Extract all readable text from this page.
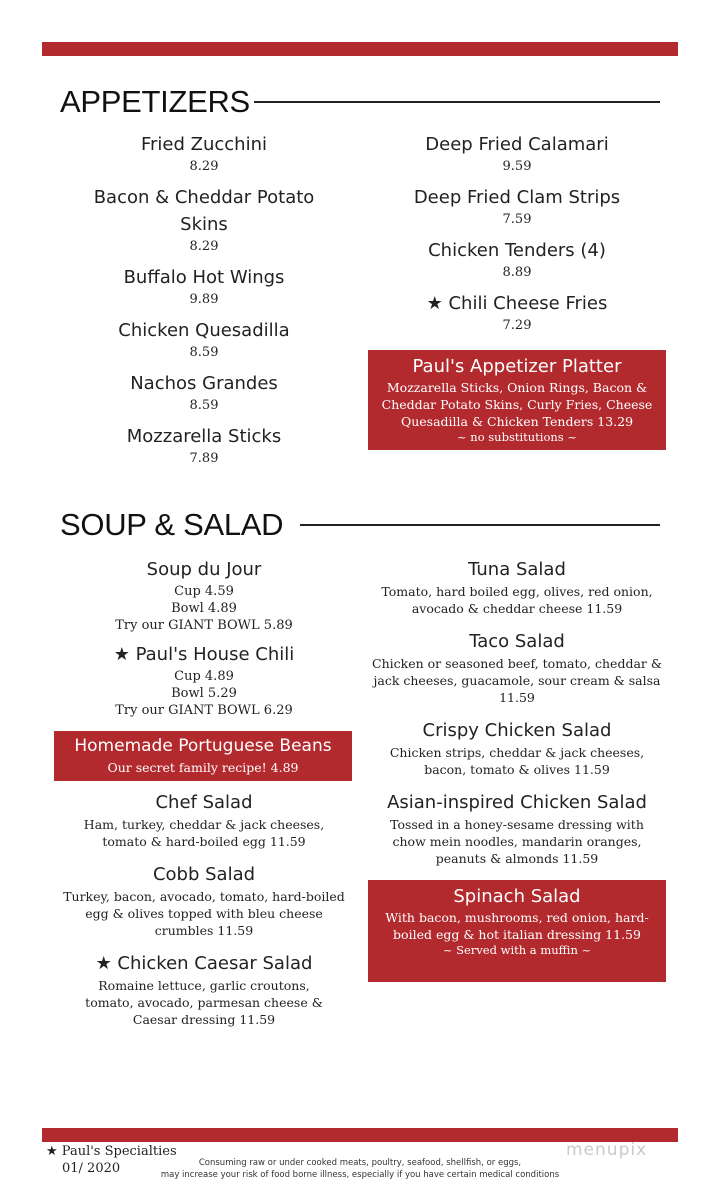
APPETIZERS
Fried Zucchini
8.29
Bacon & Cheddar Potato Skins
8.29
Buffalo Hot Wings
9.89
Chicken Quesadilla
8.59
Nachos Grandes
8.59
Mozzarella Sticks
7.89
Deep Fried Calamari
9.59
Deep Fried Clam Strips
7.59
Chicken Tenders (4)
8.89
★ Chili Cheese Fries
7.29
Paul's Appetizer Platter
Mozzarella Sticks, Onion Rings, Bacon & Cheddar Potato Skins, Curly Fries, Cheese Quesadilla & Chicken Tenders 13.29
~ no substitutions ~
SOUP & SALAD
Soup du Jour
Cup 4.59
Bowl 4.89
Try our GIANT BOWL 5.89
★ Paul's House Chili
Cup 4.89
Bowl 5.29
Try our GIANT BOWL 6.29
Homemade Portuguese Beans
Our secret family recipe! 4.89
Chef Salad
Ham, turkey, cheddar & jack cheeses, tomato & hard-boiled egg 11.59
Cobb Salad
Turkey, bacon, avocado, tomato, hard-boiled egg & olives topped with bleu cheese crumbles 11.59
★ Chicken Caesar Salad
Romaine lettuce, garlic croutons, tomato, avocado, parmesan cheese & Caesar dressing 11.59
Tuna Salad
Tomato, hard boiled egg, olives, red onion, avocado & cheddar cheese 11.59
Taco Salad
Chicken or seasoned beef, tomato, cheddar & jack cheeses, guacamole, sour cream & salsa 11.59
Crispy Chicken Salad
Chicken strips, cheddar & jack cheeses, bacon, tomato & olives 11.59
Asian-inspired Chicken Salad
Tossed in a honey-sesame dressing with chow mein noodles, mandarin oranges, peanuts & almonds 11.59
Spinach Salad
With bacon, mushrooms, red onion, hard-boiled egg & hot italian dressing 11.59
~ Served with a muffin ~
★ Paul's Specialties
01/ 2020	Consuming raw or under cooked meats, poultry, seafood, shellfish, or eggs,
may increase your risk of food borne illness, especially if you have certain medical conditions
menupix
